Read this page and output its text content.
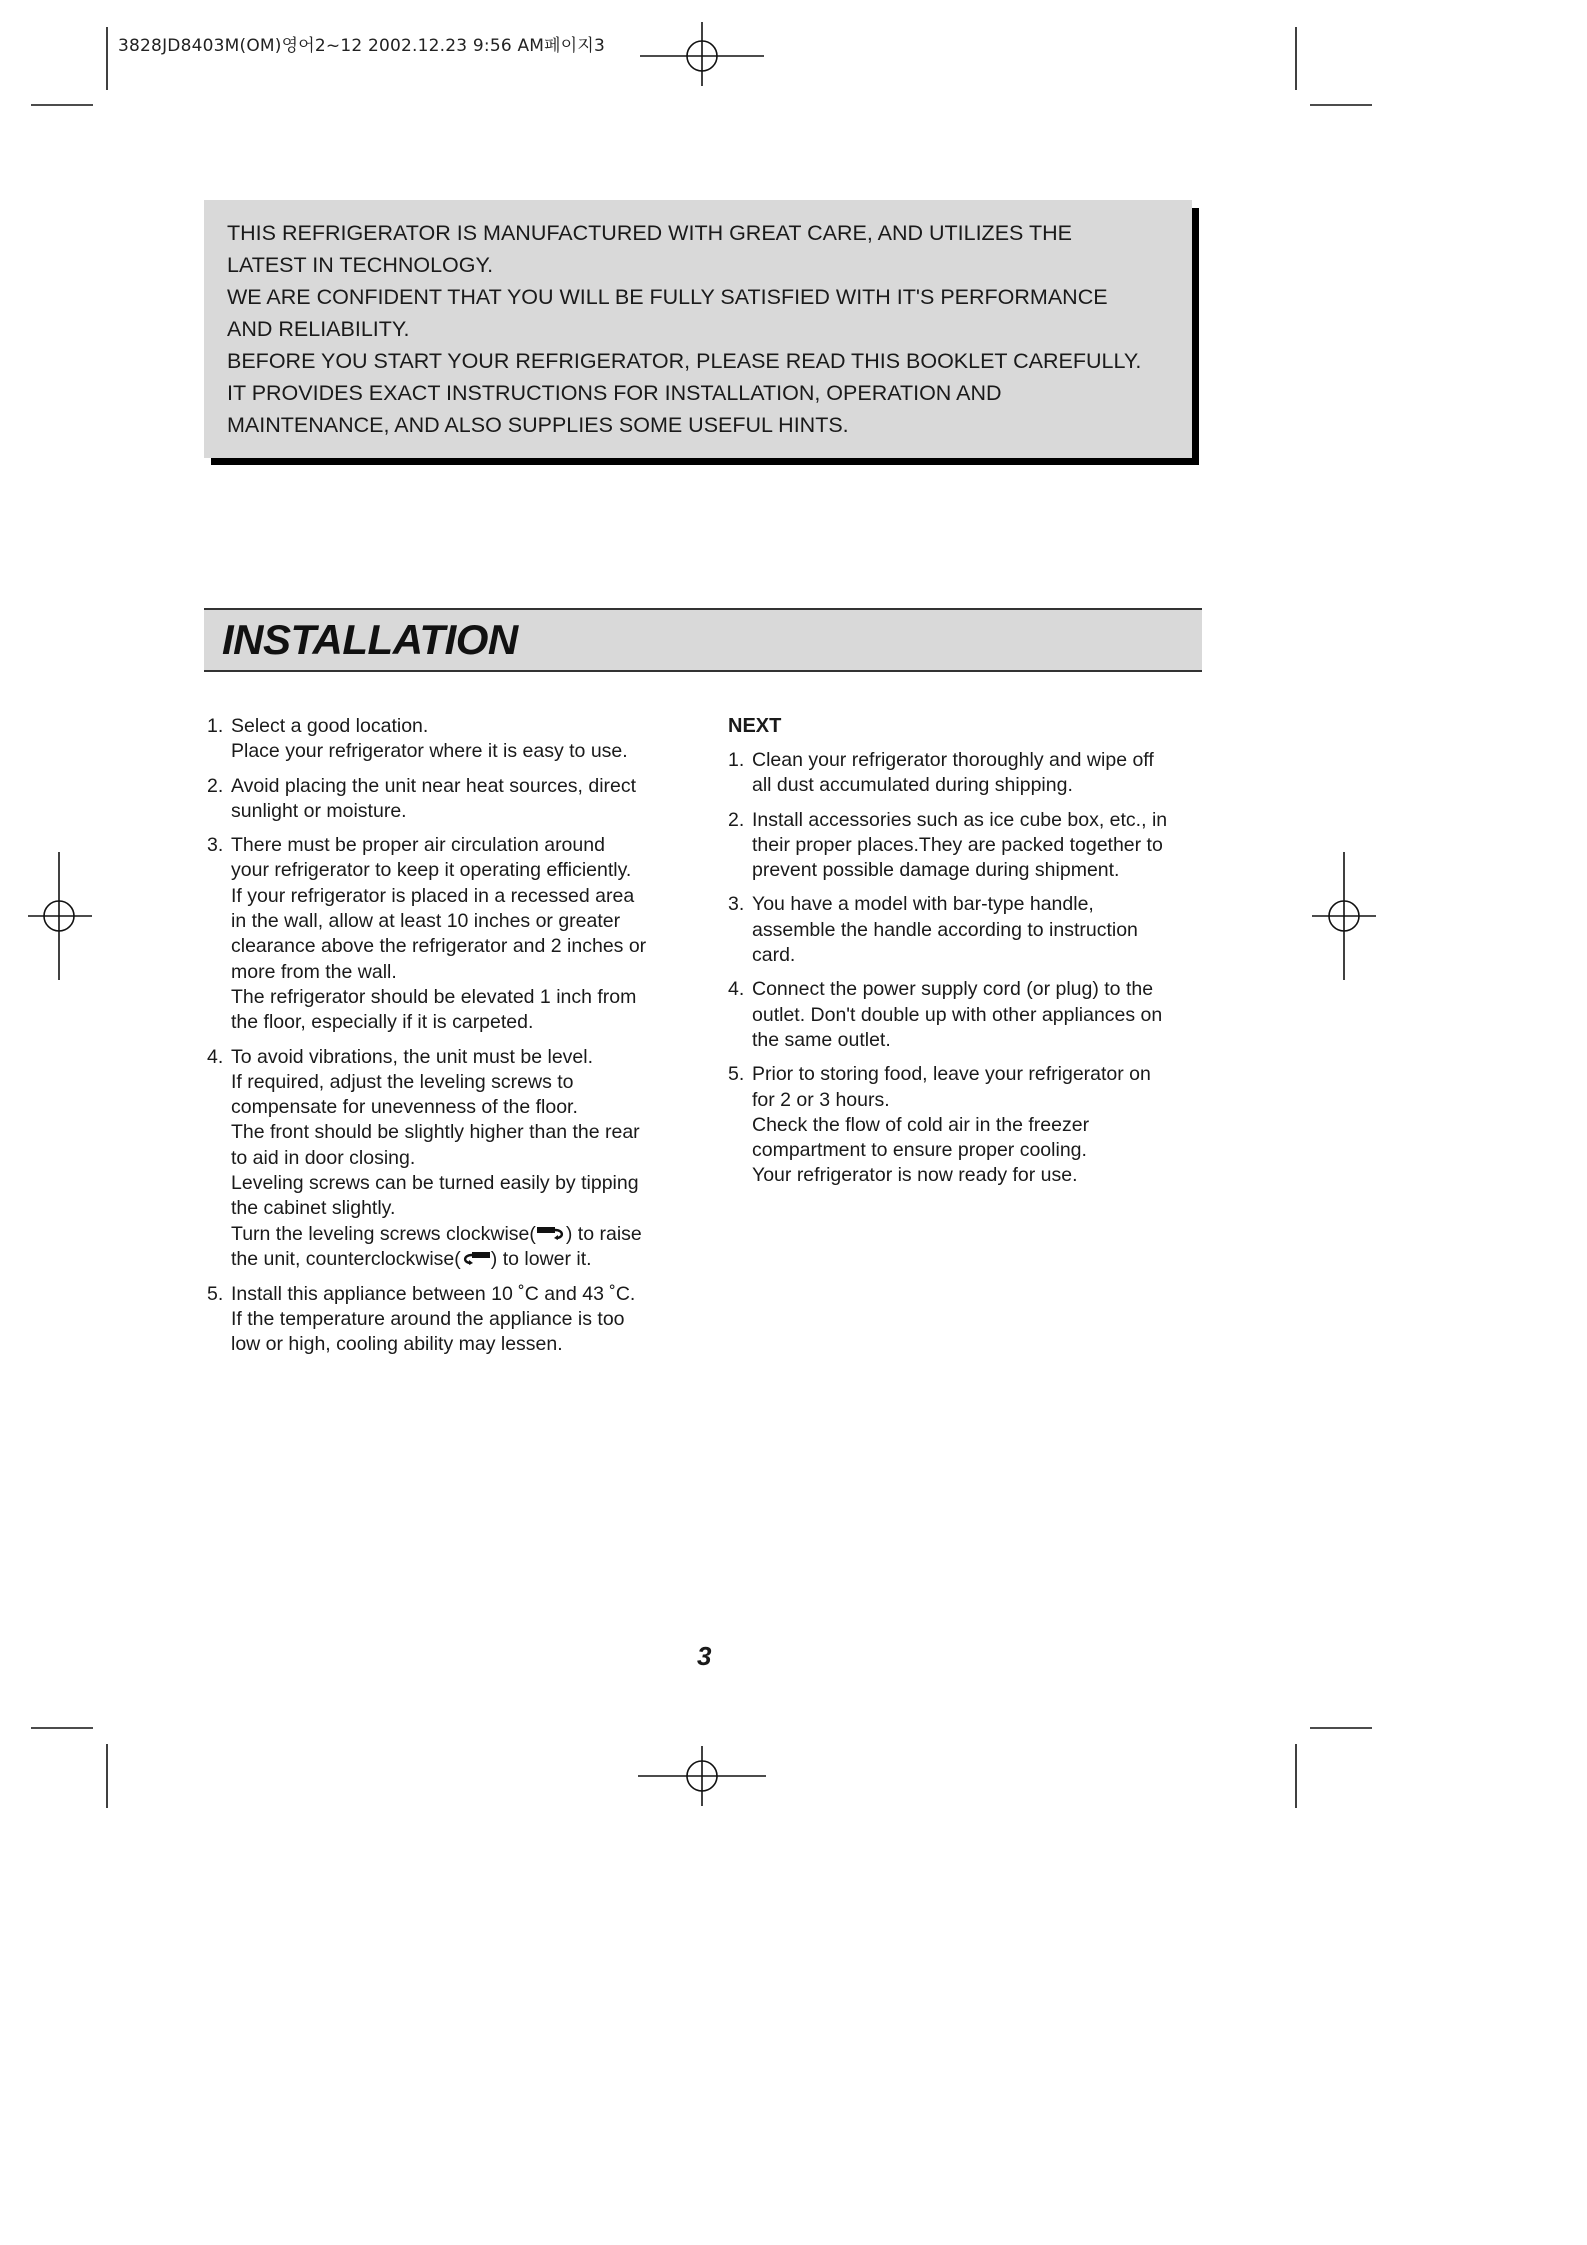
3828JD8403M(OM)영어2~12 2002.12.23 9:56 AM페이지3

THIS REFRIGERATOR IS MANUFACTURED WITH GREAT CARE, AND UTILIZES THE

LATEST IN TECHNOLOGY.

WE ARE CONFIDENT THAT YOU WILL BE FULLY SATISFIED WITH IT'S PERFORMANCE

AND RELIABILITY.

BEFORE YOU START YOUR REFRIGERATOR, PLEASE READ THIS BOOKLET CAREFULLY.

IT PROVIDES EXACT INSTRUCTIONS FOR INSTALLATION, OPERATION AND

MAINTENANCE, AND ALSO SUPPLIES SOME USEFUL HINTS.

INSTALLATION
1. Select a good location.
Place your refrigerator where it is easy to use.
2. Avoid placing the unit near heat sources, direct
sunlight or moisture.
3. There must be proper air circulation around
your refrigerator to keep it operating efficiently.
If your refrigerator is placed in a recessed area
in the wall, allow at least 10 inches or greater
clearance above the refrigerator and 2 inches or
more from the wall.
The refrigerator should be elevated 1 inch from
the floor, especially if it is carpeted.
4. To avoid vibrations, the unit must be level.
If required, adjust the leveling screws to
compensate for unevenness of the floor.
The front should be slightly higher than the rear
to aid in door closing.
Leveling screws can be turned easily by tipping
the cabinet slightly.
Turn the leveling screws clockwise( ) to raise
the unit, counterclockwise( ) to lower it.
5. Install this appliance between 10 ˚C and 43 ˚C.
If the temperature around the appliance is too
low or high, cooling ability may lessen.
NEXT
1. Clean your refrigerator thoroughly and wipe off
all dust accumulated during shipping.
2. Install accessories such as ice cube box, etc., in
their proper places.They are packed together to
prevent possible damage during shipment.
3. You have a model with bar-type handle,
assemble the handle according to instruction
card.
4. Connect the power supply cord (or plug) to the
outlet. Don't double up with other appliances on
the same outlet.
5. Prior to storing food, leave your refrigerator on
for 2 or 3 hours.
Check the flow of cold air in the freezer
compartment to ensure proper cooling.
Your refrigerator is now ready for use.
3
